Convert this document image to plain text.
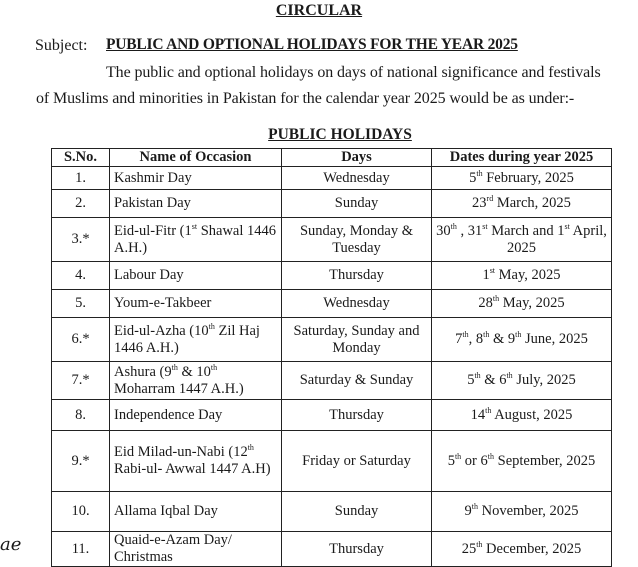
CIRCULAR
Subject: PUBLIC AND OPTIONAL HOLIDAYS FOR THE YEAR 2025
The public and optional holidays on days of national significance and festivals
of Muslims and minorities in Pakistan for the calendar year 2025 would be as under:-
PUBLIC HOLIDAYS
S.No.	Name of Occasion	Days	Dates during year 2025
1.	Kashmir Day	Wednesday	5th February, 2025
2.	Pakistan Day	Sunday	23rd March, 2025
3.*	Eid-ul-Fitr (1st Shawal 1446 A.H.)	Sunday, Monday & Tuesday	30th , 31st March and 1st April, 2025
4.	Labour Day	Thursday	1st May, 2025
5.	Youm-e-Takbeer	Wednesday	28th May, 2025
6.*	Eid-ul-Azha (10th Zil Haj 1446 A.H.)	Saturday, Sunday and Monday	7th, 8th & 9th June, 2025
7.*	Ashura (9th & 10th Moharram 1447 A.H.)	Saturday & Sunday	5th & 6th July, 2025
8.	Independence Day	Thursday	14th August, 2025
9.*	Eid Milad-un-Nabi (12th Rabi-ul- Awwal 1447 A.H)	Friday or Saturday	5th or 6th September, 2025
10.	Allama Iqbal Day	Sunday	9th November, 2025
11.	Quaid-e-Azam Day/ Christmas	Thursday	25th December, 2025
ae
